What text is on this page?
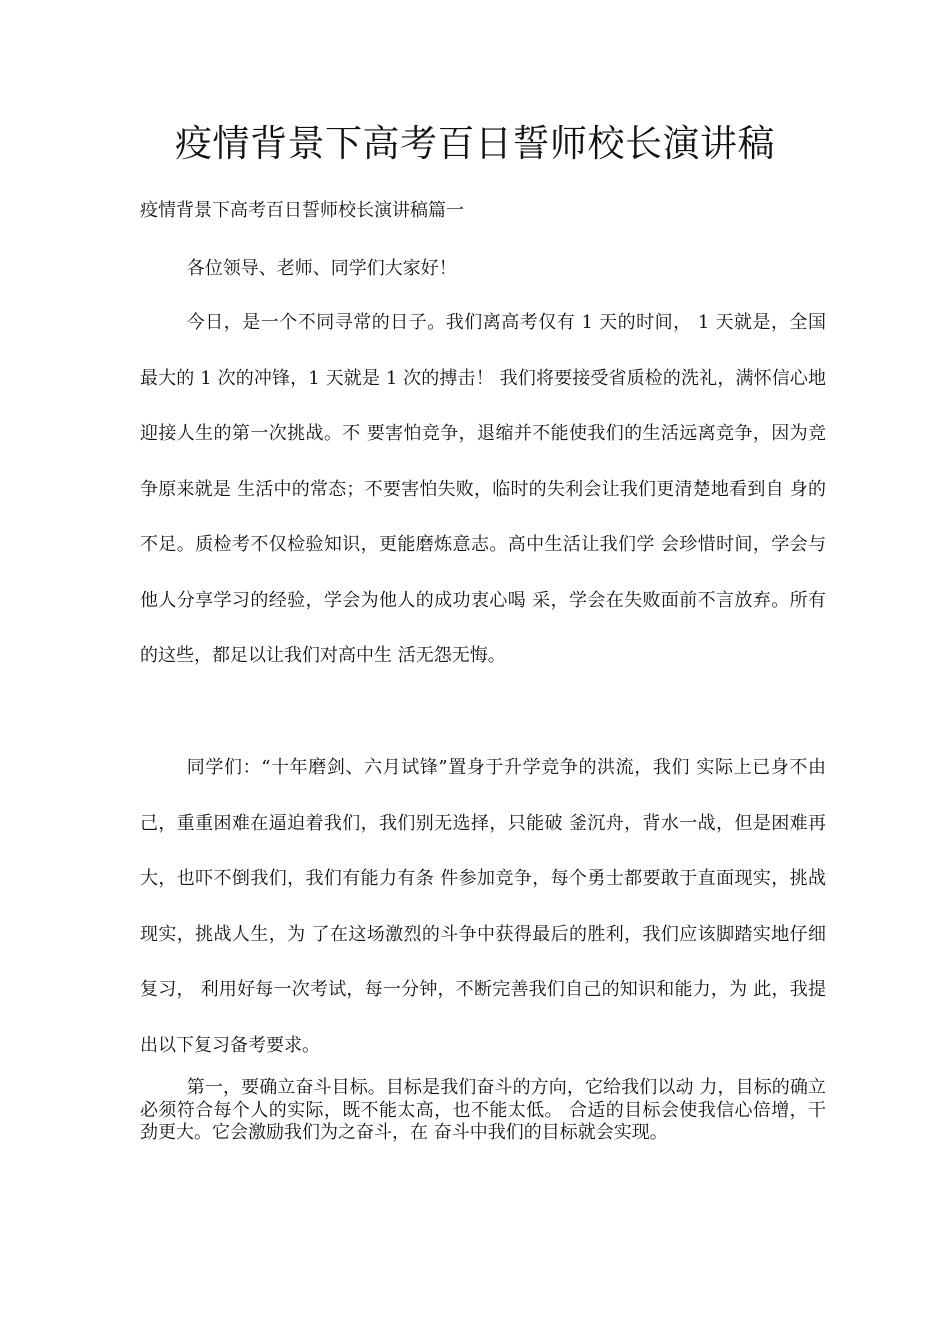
疫情背景下高考百日誓师校长演讲稿

疫情背景下高考百日誓师校长演讲稿篇一

各位领导、老师、同学们大家好！

今日，是一个不同寻常的日子。我们离高考仅有 1 天的时间， 1 天就是，全国最大的 1 次的冲锋，1 天就是 1 次的搏击！ 我们将要接受省质检的洗礼，满怀信心地迎接人生的第一次挑战。不 要害怕竞争，退缩并不能使我们的生活远离竞争，因为竞争原来就是 生活中的常态；不要害怕失败，临时的失利会让我们更清楚地看到自 身的不足。质检考不仅检验知识，更能磨炼意志。高中生活让我们学 会珍惜时间，学会与他人分享学习的经验，学会为他人的成功衷心喝 采，学会在失败面前不言放弃。所有的这些，都足以让我们对高中生 活无怨无悔。

同学们：“十年磨剑、六月试锋”置身于升学竞争的洪流，我们 实际上已身不由己，重重困难在逼迫着我们，我们别无选择，只能破 釜沉舟，背水一战，但是困难再大，也吓不倒我们，我们有能力有条 件参加竞争，每个勇士都要敢于直面现实，挑战现实，挑战人生，为 了在这场激烈的斗争中获得最后的胜利，我们应该脚踏实地仔细复习， 利用好每一次考试，每一分钟，不断完善我们自己的知识和能力，为 此，我提出以下复习备考要求。

第一，要确立奋斗目标。目标是我们奋斗的方向，它给我们以动 力，目标的确立必须符合每个人的实际，既不能太高，也不能太低。 合适的目标会使我信心倍增，干劲更大。它会激励我们为之奋斗，在 奋斗中我们的目标就会实现。
